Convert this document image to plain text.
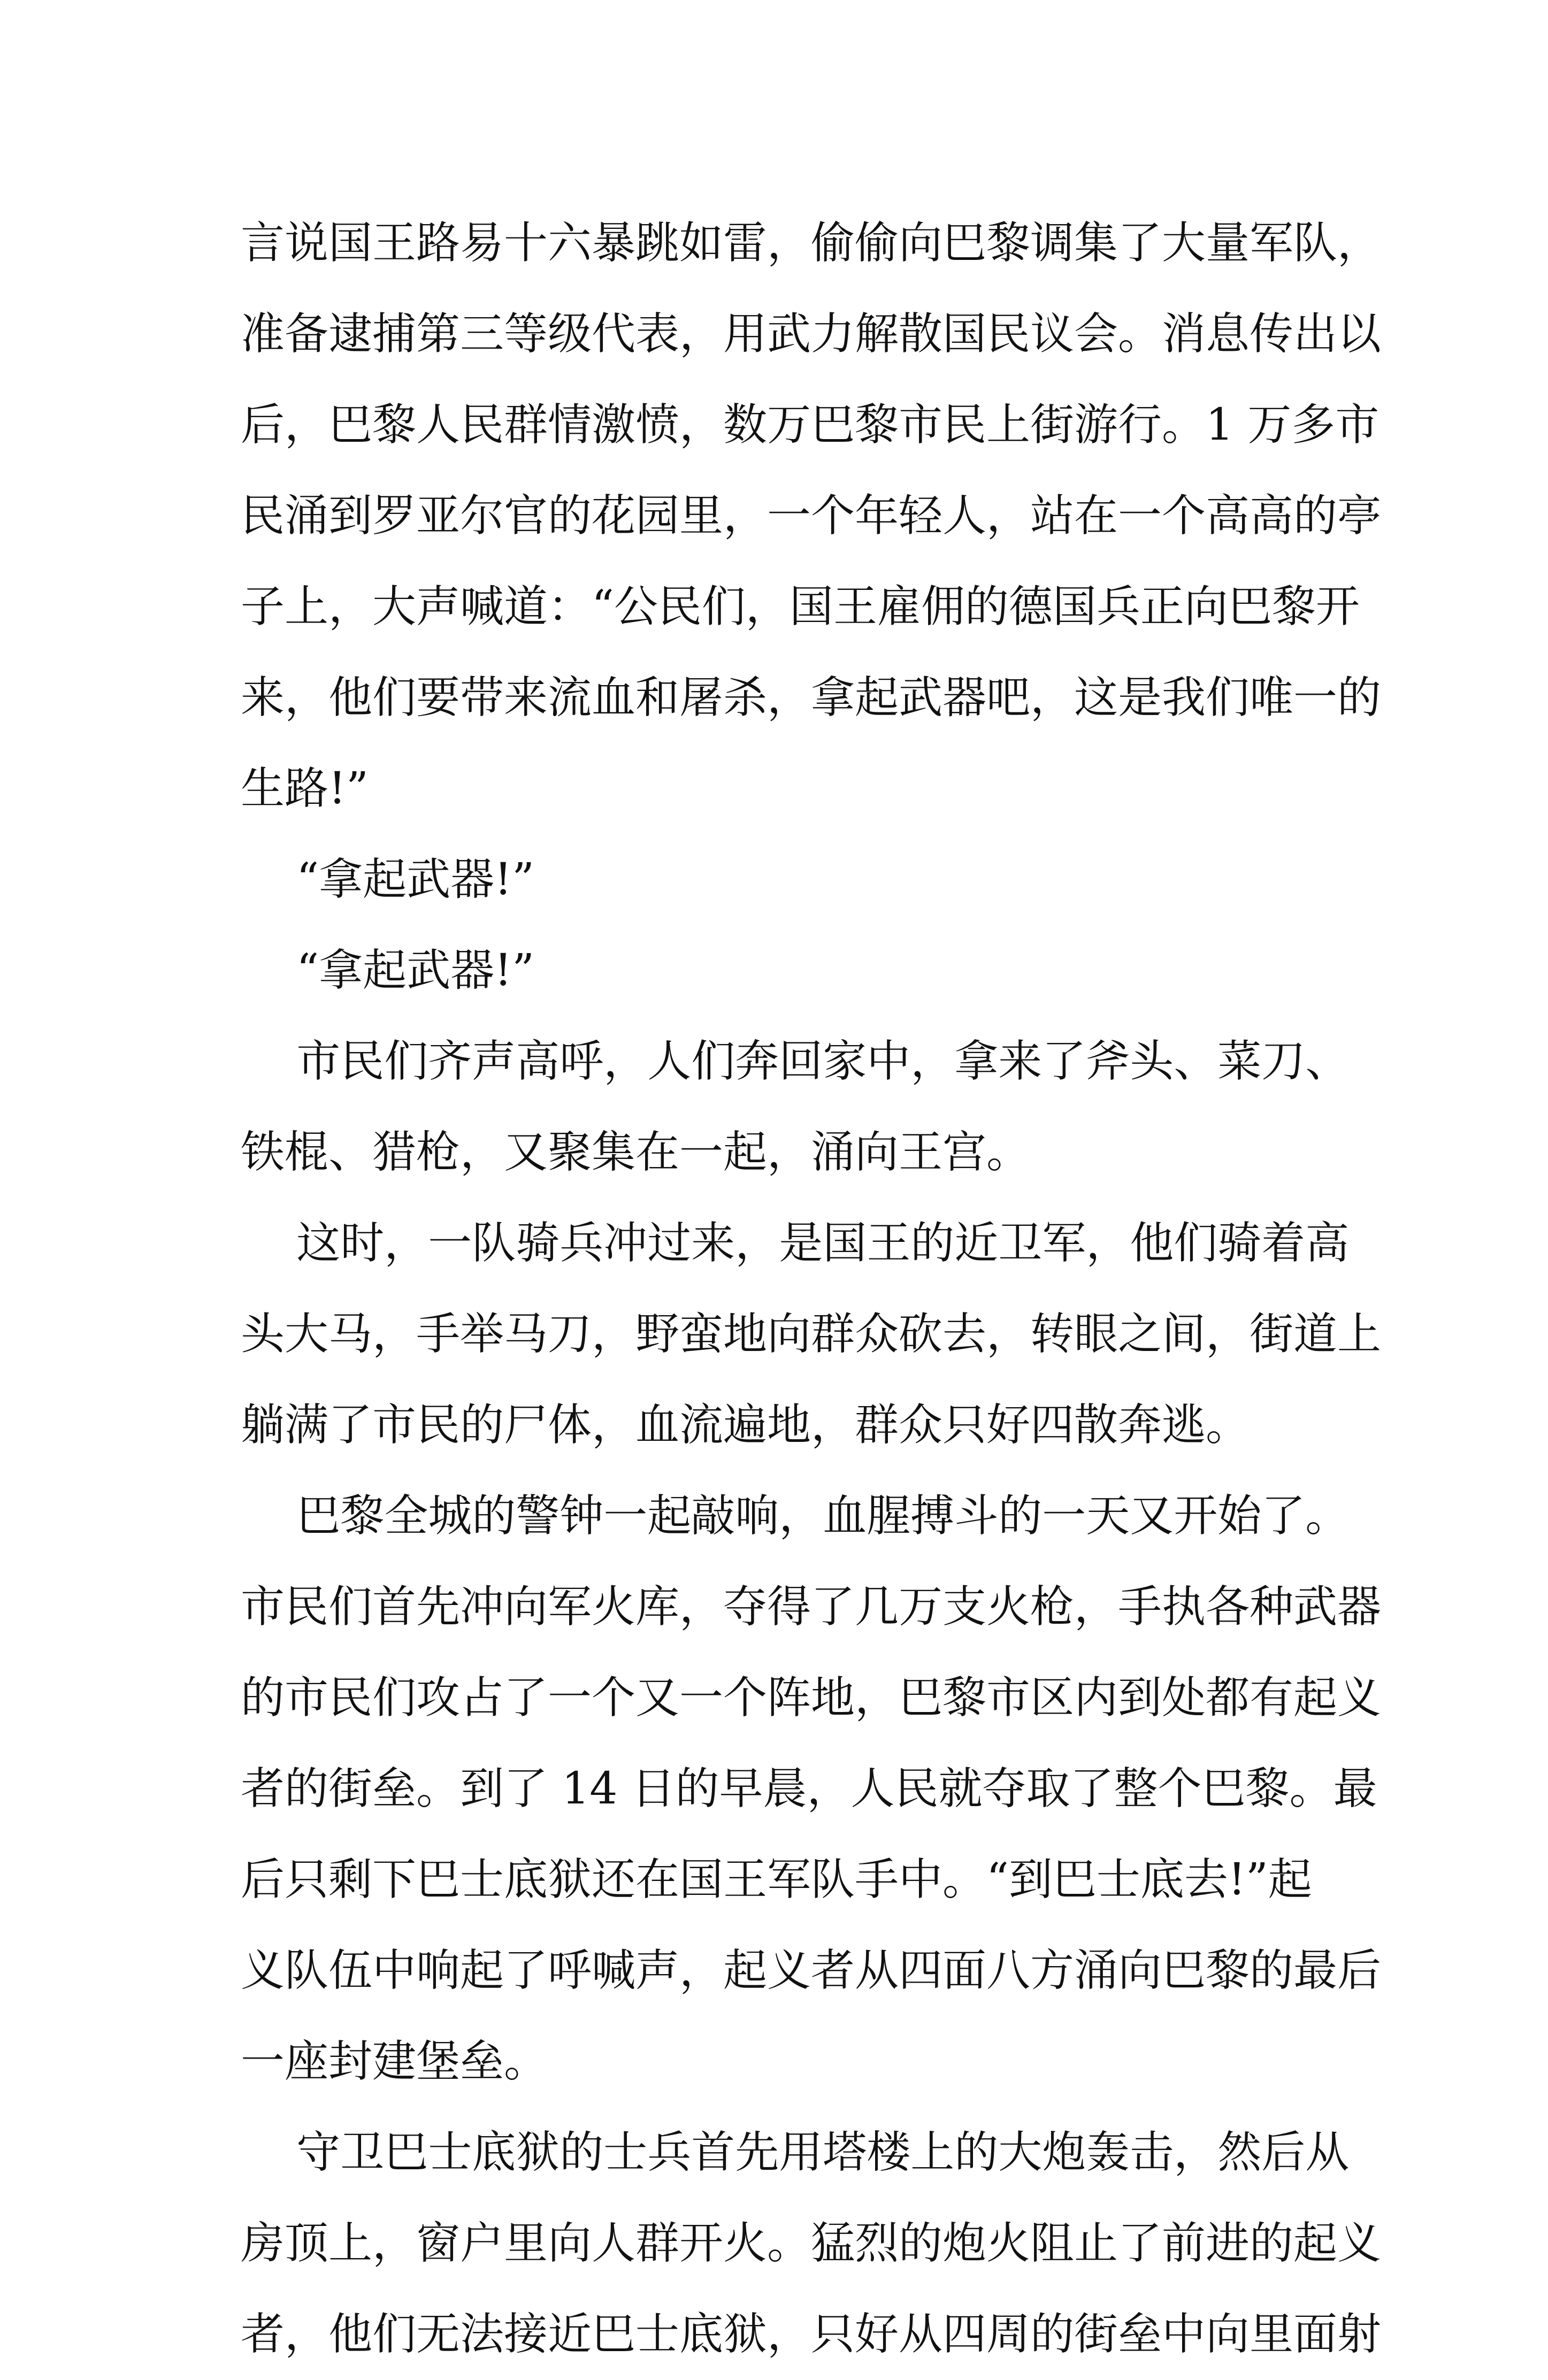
言说国王路易十六暴跳如雷，偷偷向巴黎调集了大量军队，
准备逮捕第三等级代表，用武力解散国民议会。消息传出以
后，巴黎人民群情激愤，数万巴黎市民上街游行。1 万多市
民涌到罗亚尔官的花园里，一个年轻人，站在一个高高的亭
子上，大声喊道：“公民们，国王雇佣的德国兵正向巴黎开
来，他们要带来流血和屠杀，拿起武器吧，这是我们唯一的
生路!”
“拿起武器!”
“拿起武器!”
市民们齐声高呼，人们奔回家中，拿来了斧头、菜刀、
铁棍、猎枪，又聚集在一起，涌向王宫。
这时，一队骑兵冲过来，是国王的近卫军，他们骑着高
头大马，手举马刀，野蛮地向群众砍去，转眼之间，街道上
躺满了市民的尸体，血流遍地，群众只好四散奔逃。
巴黎全城的警钟一起敲响，血腥搏斗的一天又开始了。
市民们首先冲向军火库，夺得了几万支火枪，手执各种武器
的市民们攻占了一个又一个阵地，巴黎市区内到处都有起义
者的街垒。到了 14 日的早晨，人民就夺取了整个巴黎。最
后只剩下巴士底狱还在国王军队手中。“到巴士底去!”起
义队伍中响起了呼喊声，起义者从四面八方涌向巴黎的最后
一座封建堡垒。
守卫巴士底狱的士兵首先用塔楼上的大炮轰击，然后从
房顶上，窗户里向人群开火。猛烈的炮火阻止了前进的起义
者，他们无法接近巴士底狱，只好从四周的街垒中向里面射
